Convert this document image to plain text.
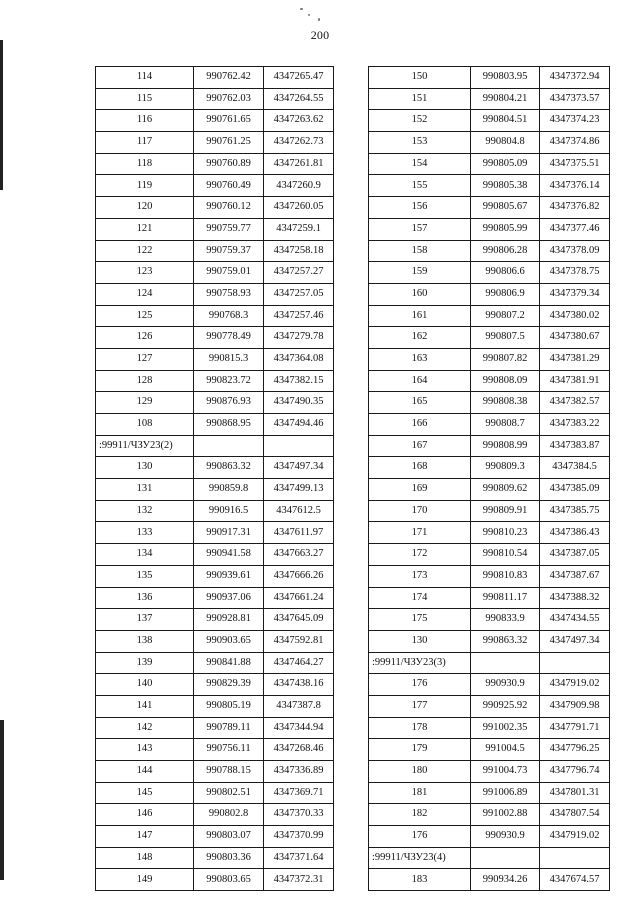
200
114	990762.42	4347265.47
115	990762.03	4347264.55
116	990761.65	4347263.62
117	990761.25	4347262.73
118	990760.89	4347261.81
119	990760.49	4347260.9
120	990760.12	4347260.05
121	990759.77	4347259.1
122	990759.37	4347258.18
123	990759.01	4347257.27
124	990758.93	4347257.05
125	990768.3	4347257.46
126	990778.49	4347279.78
127	990815.3	4347364.08
128	990823.72	4347382.15
129	990876.93	4347490.35
108	990868.95	4347494.46
:99911/ЧЗУ23(2)		
130	990863.32	4347497.34
131	990859.8	4347499.13
132	990916.5	4347612.5
133	990917.31	4347611.97
134	990941.58	4347663.27
135	990939.61	4347666.26
136	990937.06	4347661.24
137	990928.81	4347645.09
138	990903.65	4347592.81
139	990841.88	4347464.27
140	990829.39	4347438.16
141	990805.19	4347387.8
142	990789.11	4347344.94
143	990756.11	4347268.46
144	990788.15	4347336.89
145	990802.51	4347369.71
146	990802.8	4347370.33
147	990803.07	4347370.99
148	990803.36	4347371.64
149	990803.65	4347372.31
150	990803.95	4347372.94
151	990804.21	4347373.57
152	990804.51	4347374.23
153	990804.8	4347374.86
154	990805.09	4347375.51
155	990805.38	4347376.14
156	990805.67	4347376.82
157	990805.99	4347377.46
158	990806.28	4347378.09
159	990806.6	4347378.75
160	990806.9	4347379.34
161	990807.2	4347380.02
162	990807.5	4347380.67
163	990807.82	4347381.29
164	990808.09	4347381.91
165	990808.38	4347382.57
166	990808.7	4347383.22
167	990808.99	4347383.87
168	990809.3	4347384.5
169	990809.62	4347385.09
170	990809.91	4347385.75
171	990810.23	4347386.43
172	990810.54	4347387.05
173	990810.83	4347387.67
174	990811.17	4347388.32
175	990833.9	4347434.55
130	990863.32	4347497.34
:99911/ЧЗУ23(3)		
176	990930.9	4347919.02
177	990925.92	4347909.98
178	991002.35	4347791.71
179	991004.5	4347796.25
180	991004.73	4347796.74
181	991006.89	4347801.31
182	991002.88	4347807.54
176	990930.9	4347919.02
:99911/ЧЗУ23(4)		
183	990934.26	4347674.57
